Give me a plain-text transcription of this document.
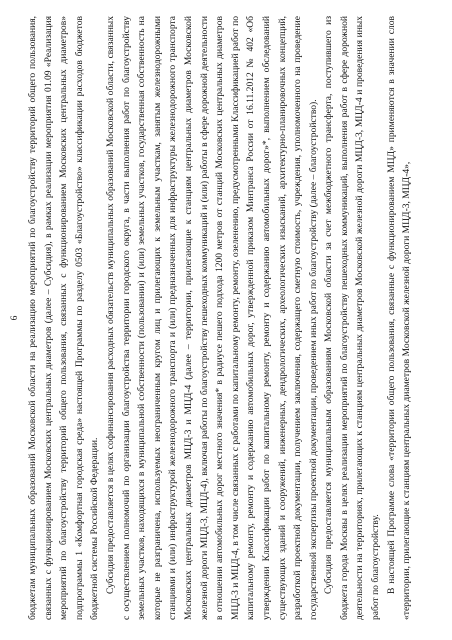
6 бюджетам муниципальных образований Московской области на реализацию мероприятий по благоустройству территорий общего пользования, связанных с функционированием Московских центральных диаметров (далее – Субсидия), в рамках реализации мероприятия 01.09 «Реализация мероприятий по благоустройству территорий общего пользования, связанных с функционированием Московских центральных диаметров» подпрограммы 1 «Комфортная городская среда» настоящей Программы по разделу 0503 «Благоустройство» классификации расходов бюджетов бюджетной системы Российской Федерации. Субсидия предоставляется в целях софинансирования расходных обязательств муниципальных образований Московской области, связанных с осуществлением полномочий по организации благоустройства территории городского округа, в части выполнения работ по благоустройству земельных участков, находящихся в муниципальной собственности (пользовании) и (или) земельных участков, государственная собственность на которые не разграничена, используемых неограниченным кругом лиц и прилегающих к земельным участкам, занятым железнодорожными станциями и (или) инфраструктурой железнодорожного транспорта и (или) предназначенных для инфраструктуры железнодорожного транспорта Московских центральных диаметров МЦД-3 и МЦД-4 (далее – территории, прилегающие к станциям центральных диаметров Московской железной дороги МЦД-3, МЦД-4), включая работы по благоустройству пешеходных коммуникаций и (или) работы в сфере дорожной деятельности в отношении автомобильных дорог местного значения* в радиусе пешего подхода 1200 метров от станций Московских центральных диаметров МЦД-3 и МЦД-4, в том числе связанных с работами по капитальному ремонту, ремонту, озеленению, предусмотренными Классификацией работ по капитальному ремонту, ремонту и содержанию автомобильных дорог, утвержденной приказом Минтранса России от 16.11.2012 № 402 «Об утверждении Классификации работ по капитальному ремонту, ремонту и содержанию автомобильных дорог»*, выполнением обследований существующих зданий и сооружений, инженерных, дендрологических, археологических изысканий, архитектурно-планировочных концепций, разработкой проектной документации, получением заключения, содержащего сметную стоимость, учреждения, уполномоченного на проведение государственной экспертизы проектной документации, проведением иных работ по благоустройству (далее – благоустройство). Субсидия предоставляется муниципальным образованиям Московской области за счет межбюджетного трансферта, поступившего из бюджета города Москвы в целях реализации мероприятий по благоустройству пешеходных коммуникаций, выполнения работ в сфере дорожной деятельности на территориях, прилегающих к станциям центральных диаметров Московской железной дороги МЦД-3, МЦД-4 и проведения иных работ по благоустройству. В настоящей Программе слова «территории общего пользования, связанные с функционированием МЦД» применяются в значении слов «территории, прилегающие к станциям центральных диаметров Московской железной дороги МЦД-3, МЦД-4»,
